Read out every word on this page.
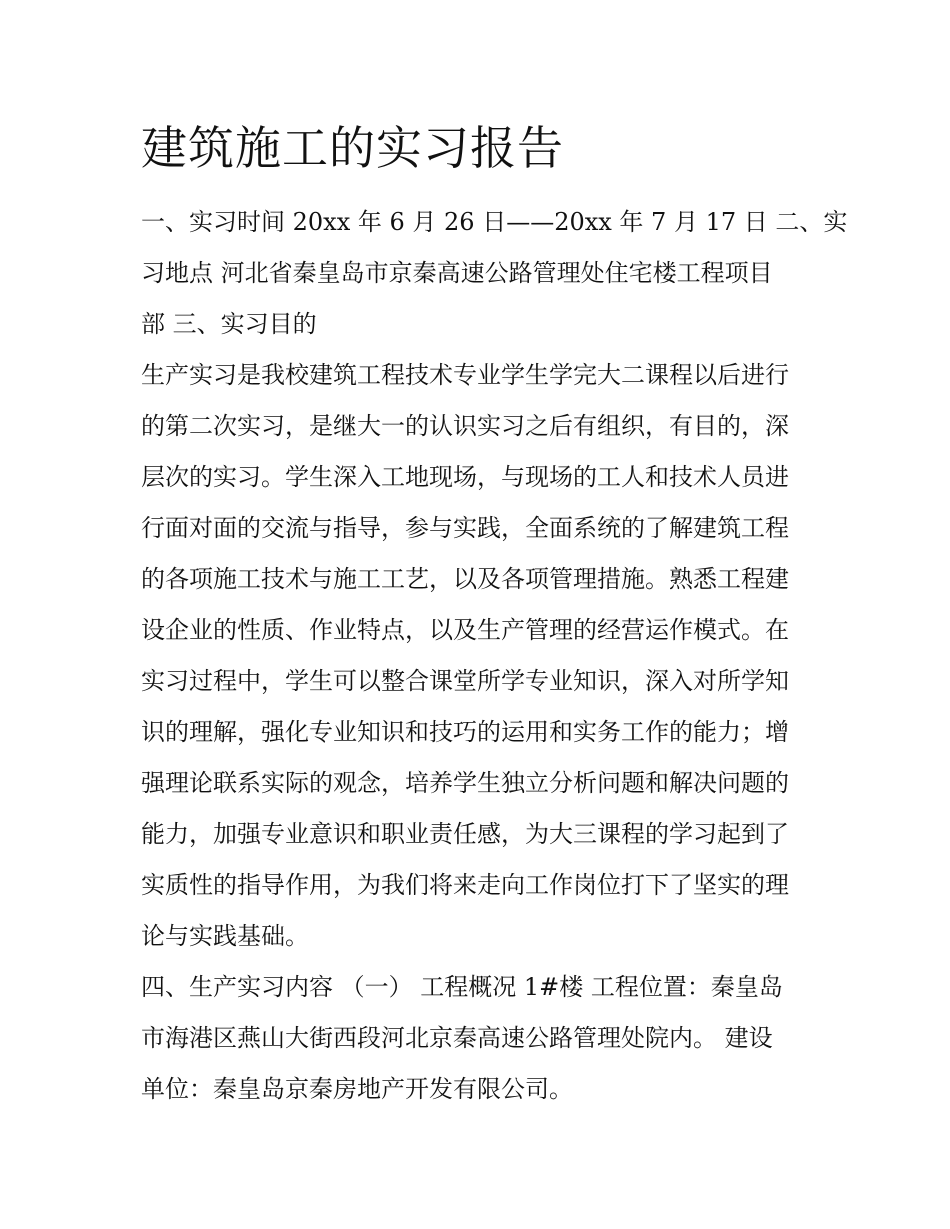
建筑施工的实习报告

一、实习时间 20xx 年 6 月 26 日——20xx 年 7 月 17 日 二、实

习地点 河北省秦皇岛市京秦高速公路管理处住宅楼工程项目

部 三、实习目的

生产实习是我校建筑工程技术专业学生学完大二课程以后进行

的第二次实习，是继大一的认识实习之后有组织，有目的，深

层次的实习。学生深入工地现场，与现场的工人和技术人员进

行面对面的交流与指导，参与实践，全面系统的了解建筑工程

的各项施工技术与施工工艺，以及各项管理措施。熟悉工程建

设企业的性质、作业特点，以及生产管理的经营运作模式。在

实习过程中，学生可以整合课堂所学专业知识，深入对所学知

识的理解，强化专业知识和技巧的运用和实务工作的能力；增

强理论联系实际的观念，培养学生独立分析问题和解决问题的

能力，加强专业意识和职业责任感，为大三课程的学习起到了

实质性的指导作用，为我们将来走向工作岗位打下了坚实的理

论与实践基础。

四、生产实习内容 （一） 工程概况 1#楼 工程位置：秦皇岛

市海港区燕山大街西段河北京秦高速公路管理处院内。 建设

单位：秦皇岛京秦房地产开发有限公司。
